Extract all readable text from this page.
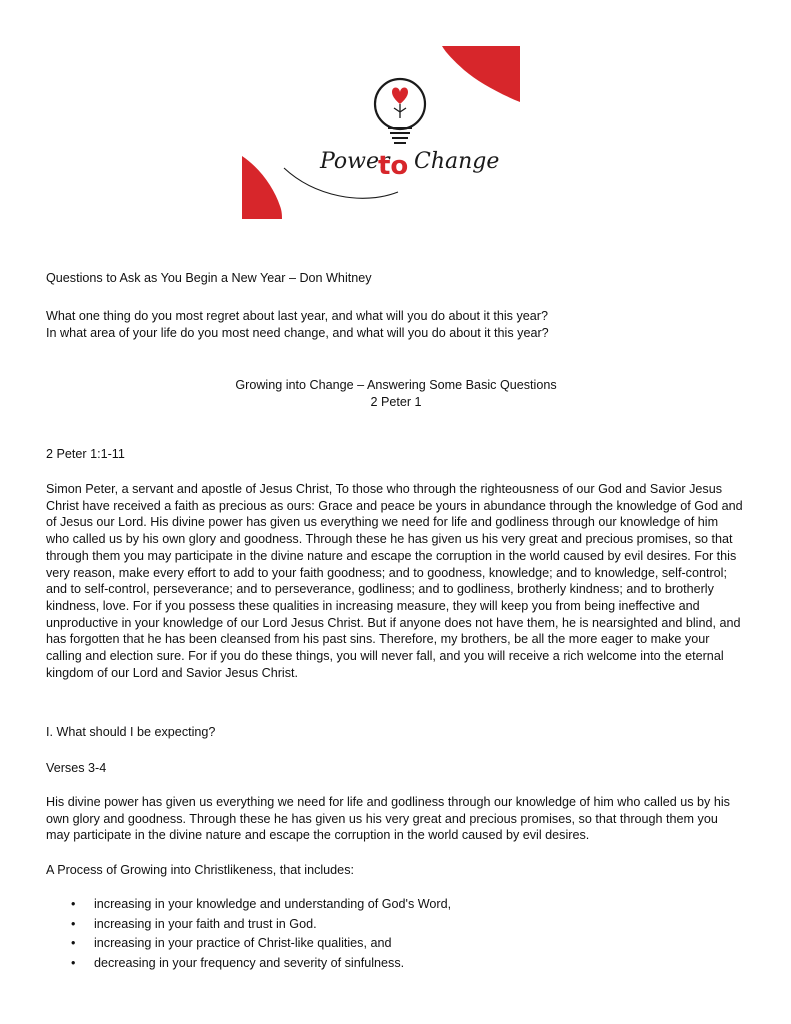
Power
to Change
Questions to Ask as You Begin a New Year – Don Whitney
What one thing do you most regret about last year, and what will you do about it this year?
In what area of your life do you most need change, and what will you do about it this year?
Growing into Change – Answering Some Basic Questions
2 Peter 1
2 Peter 1:1-11
Simon Peter, a servant and apostle of Jesus Christ, To those who through the righteousness of our God and Savior Jesus Christ have received a faith as precious as ours: Grace and peace be yours in abundance through the knowledge of God and of Jesus our Lord. His divine power has given us everything we need for life and godliness through our knowledge of him who called us by his own glory and goodness. Through these he has given us his very great and precious promises, so that through them you may participate in the divine nature and escape the corruption in the world caused by evil desires. For this very reason, make every effort to add to your faith goodness; and to goodness, knowledge; and to knowledge, self-control; and to self-control, perseverance; and to perseverance, godliness; and to godliness, brotherly kindness; and to brotherly kindness, love. For if you possess these qualities in increasing measure, they will keep you from being ineffective and unproductive in your knowledge of our Lord Jesus Christ. But if anyone does not have them, he is nearsighted and blind, and has forgotten that he has been cleansed from his past sins. Therefore, my brothers, be all the more eager to make your calling and election sure. For if you do these things, you will never fall, and you will receive a rich welcome into the eternal kingdom of our Lord and Savior Jesus Christ.
I. What should I be expecting?
Verses 3-4
His divine power has given us everything we need for life and godliness through our knowledge of him who called us by his own glory and goodness. Through these he has given us his very great and precious promises, so that through them you may participate in the divine nature and escape the corruption in the world caused by evil desires.
A Process of Growing into Christlikeness, that includes:
• increasing in your knowledge and understanding of God's Word,
• increasing in your faith and trust in God.
• increasing in your practice of Christ-like qualities, and
• decreasing in your frequency and severity of sinfulness.
